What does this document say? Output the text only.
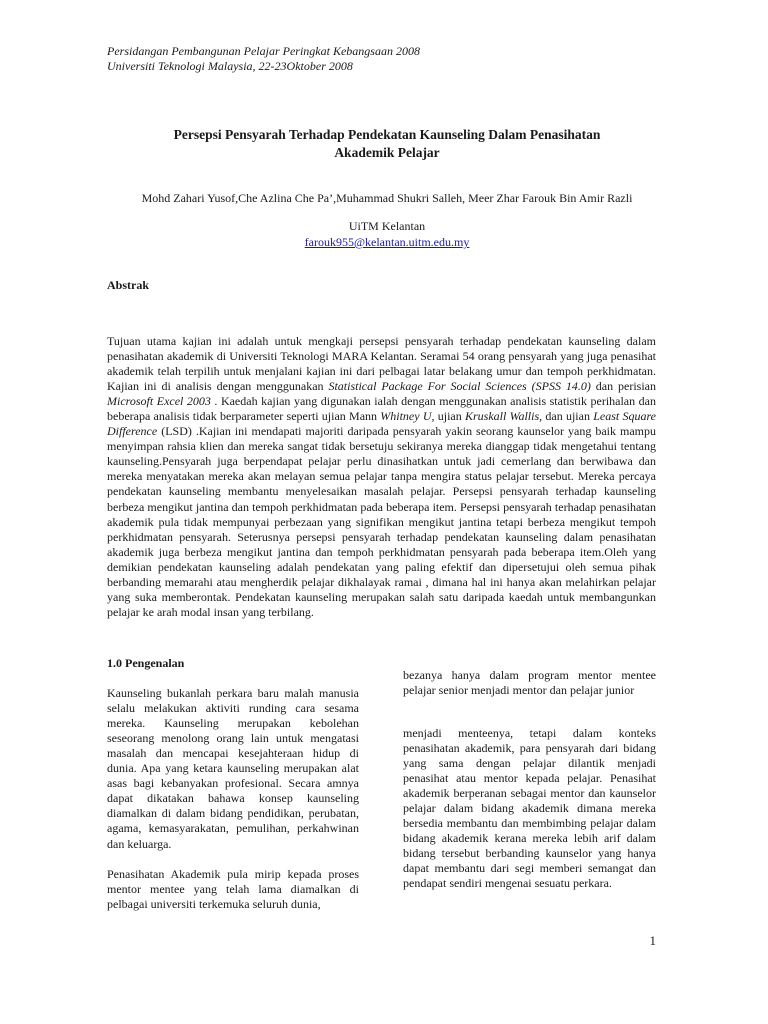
Persidangan Pembangunan Pelajar Peringkat Kebangsaan 2008
Universiti Teknologi Malaysia, 22-23Oktober 2008
Persepsi Pensyarah Terhadap Pendekatan Kaunseling Dalam Penasihatan
Akademik Pelajar
Mohd Zahari Yusof,Che Azlina Che Pa’,Muhammad Shukri Salleh, Meer Zhar Farouk Bin Amir Razli
UiTM Kelantan
farouk955@kelantan.uitm.edu.my
Abstrak
Tujuan utama kajian ini adalah untuk mengkaji persepsi pensyarah terhadap pendekatan kaunseling dalam penasihatan akademik di Universiti Teknologi MARA Kelantan. Seramai 54 orang pensyarah yang juga penasihat akademik telah terpilih untuk menjalani kajian ini dari pelbagai latar belakang umur dan tempoh perkhidmatan. Kajian ini di analisis dengan menggunakan Statistical Package For Social Sciences (SPSS 14.0) dan perisian Microsoft Excel 2003 . Kaedah kajian yang digunakan ialah dengan menggunakan analisis statistik perihalan dan beberapa analisis tidak berparameter seperti ujian Mann Whitney U, ujian Kruskall Wallis, dan ujian Least Square Difference (LSD) .Kajian ini mendapati majoriti daripada pensyarah yakin seorang kaunselor yang baik mampu menyimpan rahsia klien dan mereka sangat tidak bersetuju sekiranya mereka dianggap tidak mengetahui tentang kaunseling.Pensyarah juga berpendapat pelajar perlu dinasihatkan untuk jadi cemerlang dan berwibawa dan mereka menyatakan mereka akan melayan semua pelajar tanpa mengira status pelajar tersebut. Mereka percaya pendekatan kaunseling membantu menyelesaikan masalah pelajar. Persepsi pensyarah terhadap kaunseling berbeza mengikut jantina dan tempoh perkhidmatan pada beberapa item. Persepsi pensyarah terhadap penasihatan akademik pula tidak mempunyai perbezaan yang signifikan mengikut jantina tetapi berbeza mengikut tempoh perkhidmatan pensyarah. Seterusnya persepsi pensyarah terhadap pendekatan kaunseling dalam penasihatan akademik juga berbeza mengikut jantina dan tempoh perkhidmatan pensyarah pada beberapa item.Oleh yang demikian pendekatan kaunseling adalah pendekatan yang paling efektif dan dipersetujui oleh semua pihak berbanding memarahi atau mengherdik pelajar dikhalayak ramai , dimana hal ini hanya akan melahirkan pelajar yang suka memberontak. Pendekatan kaunseling merupakan salah satu daripada kaedah untuk membangunkan pelajar ke arah modal insan yang terbilang.
1.0 Pengenalan

Kaunseling bukanlah perkara baru malah manusia selalu melakukan aktiviti runding cara sesama mereka. Kaunseling merupakan kebolehan seseorang menolong orang lain untuk mengatasi masalah dan mencapai kesejahteraan hidup di dunia. Apa yang ketara kaunseling merupakan alat asas bagi kebanyakan profesional. Secara amnya dapat dikatakan bahawa konsep kaunseling diamalkan di dalam bidang pendidikan, perubatan, agama, kemasyarakatan, pemulihan, perkahwinan dan keluarga.

Penasihatan Akademik pula mirip kepada proses mentor mentee yang telah lama diamalkan di pelbagai universiti terkemuka seluruh dunia,

bezanya hanya dalam program mentor mentee pelajar senior menjadi mentor dan pelajar junior

menjadi menteenya, tetapi dalam konteks penasihatan akademik, para pensyarah dari bidang yang sama dengan pelajar dilantik menjadi penasihat atau mentor kepada pelajar. Penasihat akademik berperanan sebagai mentor dan kaunselor pelajar dalam bidang akademik dimana mereka bersedia membantu dan membimbing pelajar dalam bidang akademik kerana mereka lebih arif dalam bidang tersebut berbanding kaunselor yang hanya dapat membantu dari segi memberi semangat dan pendapat sendiri mengenai sesuatu perkara.

1
